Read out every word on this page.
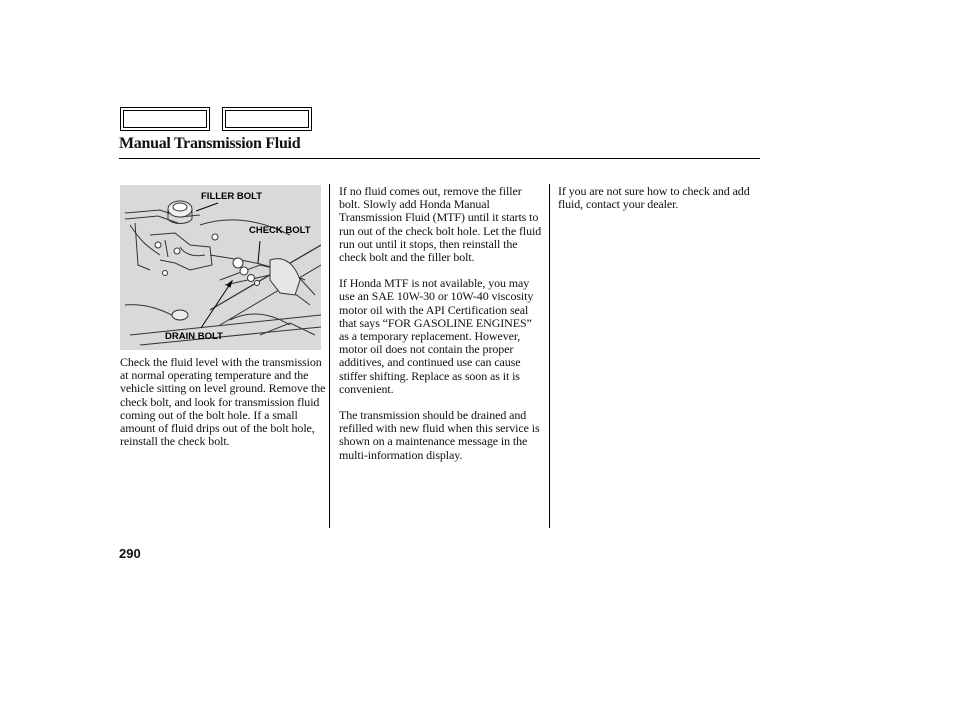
Manual Transmission Fluid
FILLER BOLT
CHECK BOLT
DRAIN BOLT

Check the fluid level with the transmission at normal operating temperature and the vehicle sitting on level ground. Remove the check bolt, and look for transmission fluid coming out of the bolt hole. If a small amount of fluid drips out of the bolt hole, reinstall the check bolt.

If no fluid comes out, remove the filler bolt. Slowly add Honda Manual Transmission Fluid (MTF) until it starts to run out of the check bolt hole. Let the fluid run out until it stops, then reinstall the check bolt and the filler bolt.

If Honda MTF is not available, you may use an SAE 10W-30 or 10W-40 viscosity motor oil with the API Certification seal that says “FOR GASOLINE ENGINES” as a temporary replacement. However, motor oil does not contain the proper additives, and continued use can cause stiffer shifting. Replace as soon as it is convenient.

The transmission should be drained and refilled with new fluid when this service is shown on a maintenance message in the multi-information display.

If you are not sure how to check and add fluid, contact your dealer.

290
